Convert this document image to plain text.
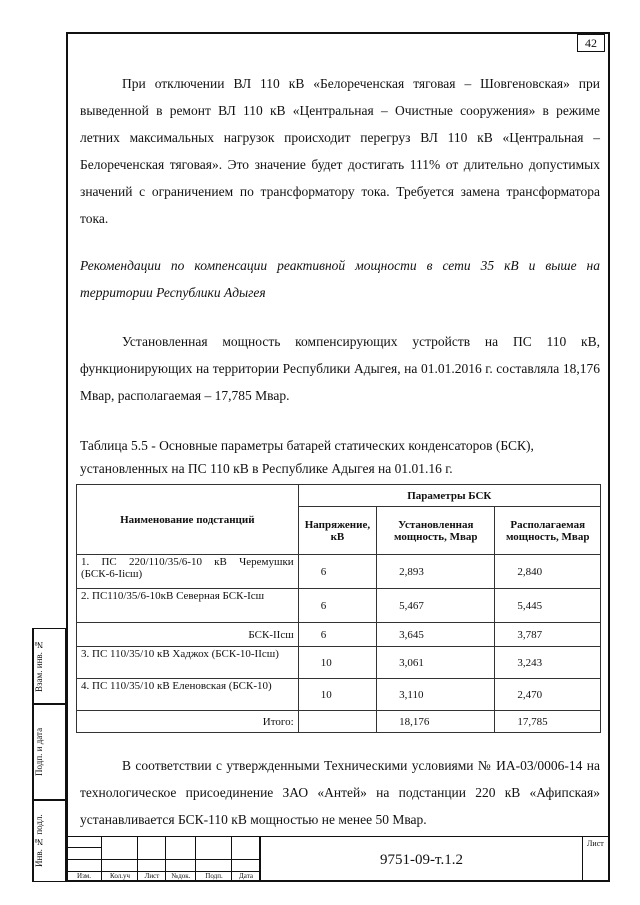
42

При отключении ВЛ 110 кВ «Белореченская тяговая – Шовгеновская» при выведенной в ремонт ВЛ 110 кВ «Центральная – Очистные сооружения» в режиме летних максимальных нагрузок происходит перегруз ВЛ 110 кВ «Центральная – Белореченская тяговая». Это значение будет достигать 111% от длительно допустимых значений с ограничением по трансформатору тока. Требуется замена трансформатора тока.

Рекомендации по компенсации реактивной мощности в сети 35 кВ и выше на территории Республики Адыгея

Установленная мощность компенсирующих устройств на ПС 110 кВ, функционирующих на территории Республики Адыгея, на 01.01.2016 г. составляла 18,176 Мвар, располагаемая – 17,785 Мвар.

Таблица 5.5 - Основные параметры батарей статических конденсаторов (БСК), установленных на ПС 110 кВ в Республике Адыгея на 01.01.16 г.

Наименование подстанций	Параметры БСК		
	Напряжение, кВ	Установленная мощность, Мвар	Располагаемая мощность, Мвар
1. ПС 220/110/35/6-10 кВ Черемушки (БСК-6-Iicш)	6	2,893	2,840
2. ПС110/35/6-10кВ Северная БСК-Iсш	6	5,467	5,445
БСК-IIсш	6	3,645	3,787
3. ПС 110/35/10 кВ Хаджох (БСК-10-IIсш)	10	3,061	3,243
4. ПС 110/35/10 кВ Еленовская (БСК-10)	10	3,110	2,470
Итого:		18,176	17,785

В соответствии с утвержденными Техническими условиями № ИА-03/0006-14 на технологическое присоединение ЗАО «Антей» на подстанции 220 кВ «Афипская» устанавливается БСК-110 кВ мощностью не менее 50 Мвар.

Взам. инв. №
Подп. и дата
Инв. № подл.
Изм.	Кол.уч	Лист	№док.	Подп.	Дата
9751-09-т.1.2
Лист
